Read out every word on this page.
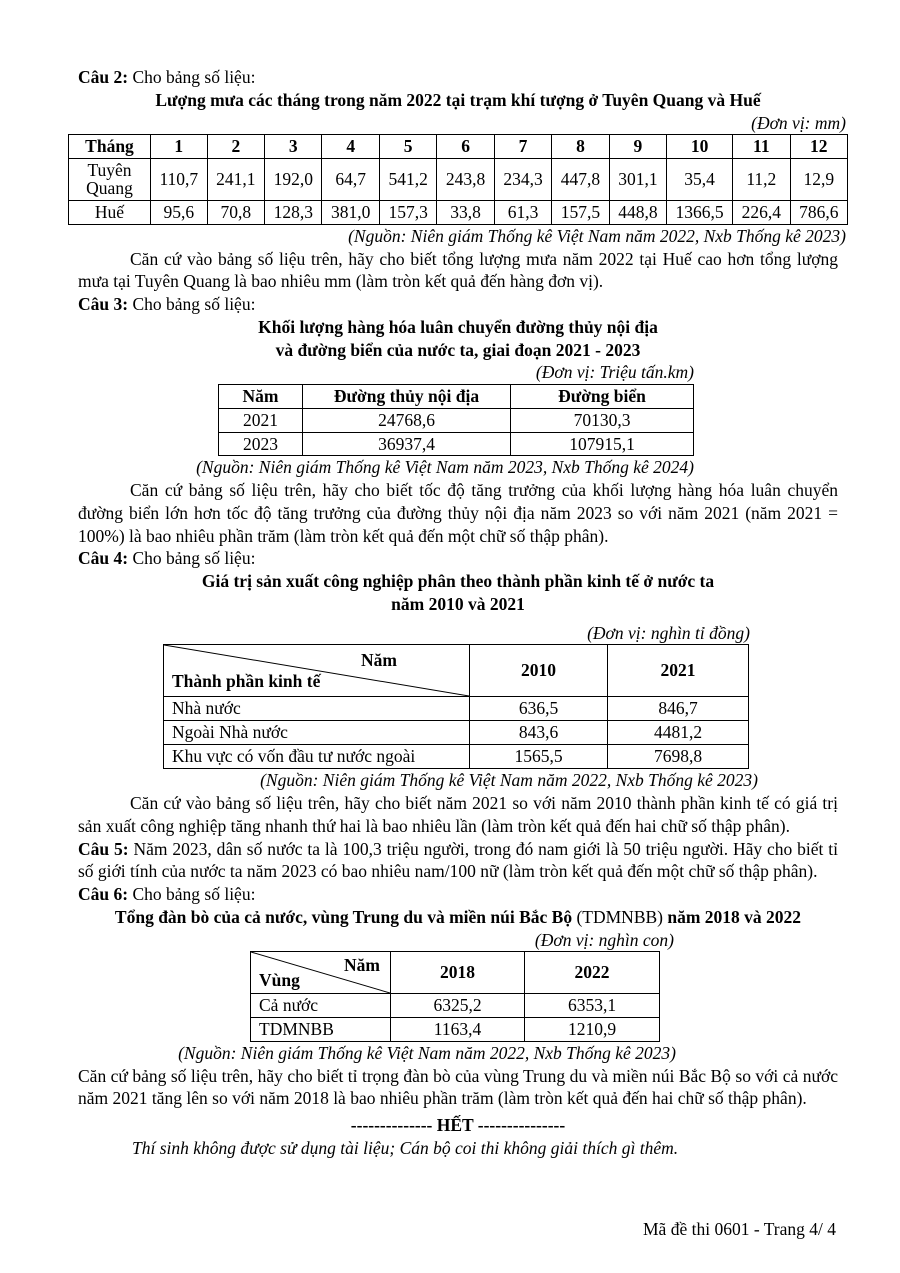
Câu 2: Cho bảng số liệu:
Lượng mưa các tháng trong năm 2022 tại trạm khí tượng ở Tuyên Quang và Huế
(Đơn vị: mm)
Tháng	1	2	3	4	5	6	7	8	9	10	11	12
Tuyên Quang	110,7	241,1	192,0	64,7	541,2	243,8	234,3	447,8	301,1	35,4	11,2	12,9
Huế	95,6	70,8	128,3	381,0	157,3	33,8	61,3	157,5	448,8	1366,5	226,4	786,6
(Nguồn: Niên giám Thống kê Việt Nam năm 2022, Nxb Thống kê 2023)
Căn cứ vào bảng số liệu trên, hãy cho biết tổng lượng mưa năm 2022 tại Huế cao hơn tổng lượng mưa tại Tuyên Quang là bao nhiêu mm (làm tròn kết quả đến hàng đơn vị).
Câu 3: Cho bảng số liệu:
Khối lượng hàng hóa luân chuyển đường thủy nội địa
và đường biển của nước ta, giai đoạn 2021 - 2023
(Đơn vị: Triệu tấn.km)
Năm	Đường thủy nội địa	Đường biển
2021	24768,6	70130,3
2023	36937,4	107915,1
(Nguồn: Niên giám Thống kê Việt Nam năm 2023, Nxb Thống kê 2024)
Căn cứ bảng số liệu trên, hãy cho biết tốc độ tăng trưởng của khối lượng hàng hóa luân chuyển đường biển lớn hơn tốc độ tăng trưởng của đường thủy nội địa năm 2023 so với năm 2021 (năm 2021 = 100%) là bao nhiêu phần trăm (làm tròn kết quả đến một chữ số thập phân).
Câu 4: Cho bảng số liệu:
Giá trị sản xuất công nghiệp phân theo thành phần kinh tế ở nước ta
năm 2010 và 2021
(Đơn vị: nghìn tỉ đồng)
Năm
Thành phần kinh tế	2010	2021
Nhà nước	636,5	846,7
Ngoài Nhà nước	843,6	4481,2
Khu vực có vốn đầu tư nước ngoài	1565,5	7698,8
(Nguồn: Niên giám Thống kê Việt Nam năm 2022, Nxb Thống kê 2023)
Căn cứ vào bảng số liệu trên, hãy cho biết năm 2021 so với năm 2010 thành phần kinh tế có giá trị sản xuất công nghiệp tăng nhanh thứ hai là bao nhiêu lần (làm tròn kết quả đến hai chữ số thập phân).
Câu 5: Năm 2023, dân số nước ta là 100,3 triệu người, trong đó nam giới là 50 triệu người. Hãy cho biết tỉ số giới tính của nước ta năm 2023 có bao nhiêu nam/100 nữ (làm tròn kết quả đến một chữ số thập phân).
Câu 6: Cho bảng số liệu:
Tổng đàn bò của cả nước, vùng Trung du và miền núi Bắc Bộ (TDMNBB) năm 2018 và 2022
(Đơn vị: nghìn con)
Năm
Vùng	2018	2022
Cả nước	6325,2	6353,1
TDMNBB	1163,4	1210,9
(Nguồn: Niên giám Thống kê Việt Nam năm 2022, Nxb Thống kê 2023)
Căn cứ bảng số liệu trên, hãy cho biết tỉ trọng đàn bò của vùng Trung du và miền núi Bắc Bộ so với cả nước năm 2021 tăng lên so với năm 2018 là bao nhiêu phần trăm (làm tròn kết quả đến hai chữ số thập phân).
-------------- HẾT ---------------
Thí sinh không được sử dụng tài liệu; Cán bộ coi thi không giải thích gì thêm.
Mã đề thi 0601 - Trang 4/ 4
